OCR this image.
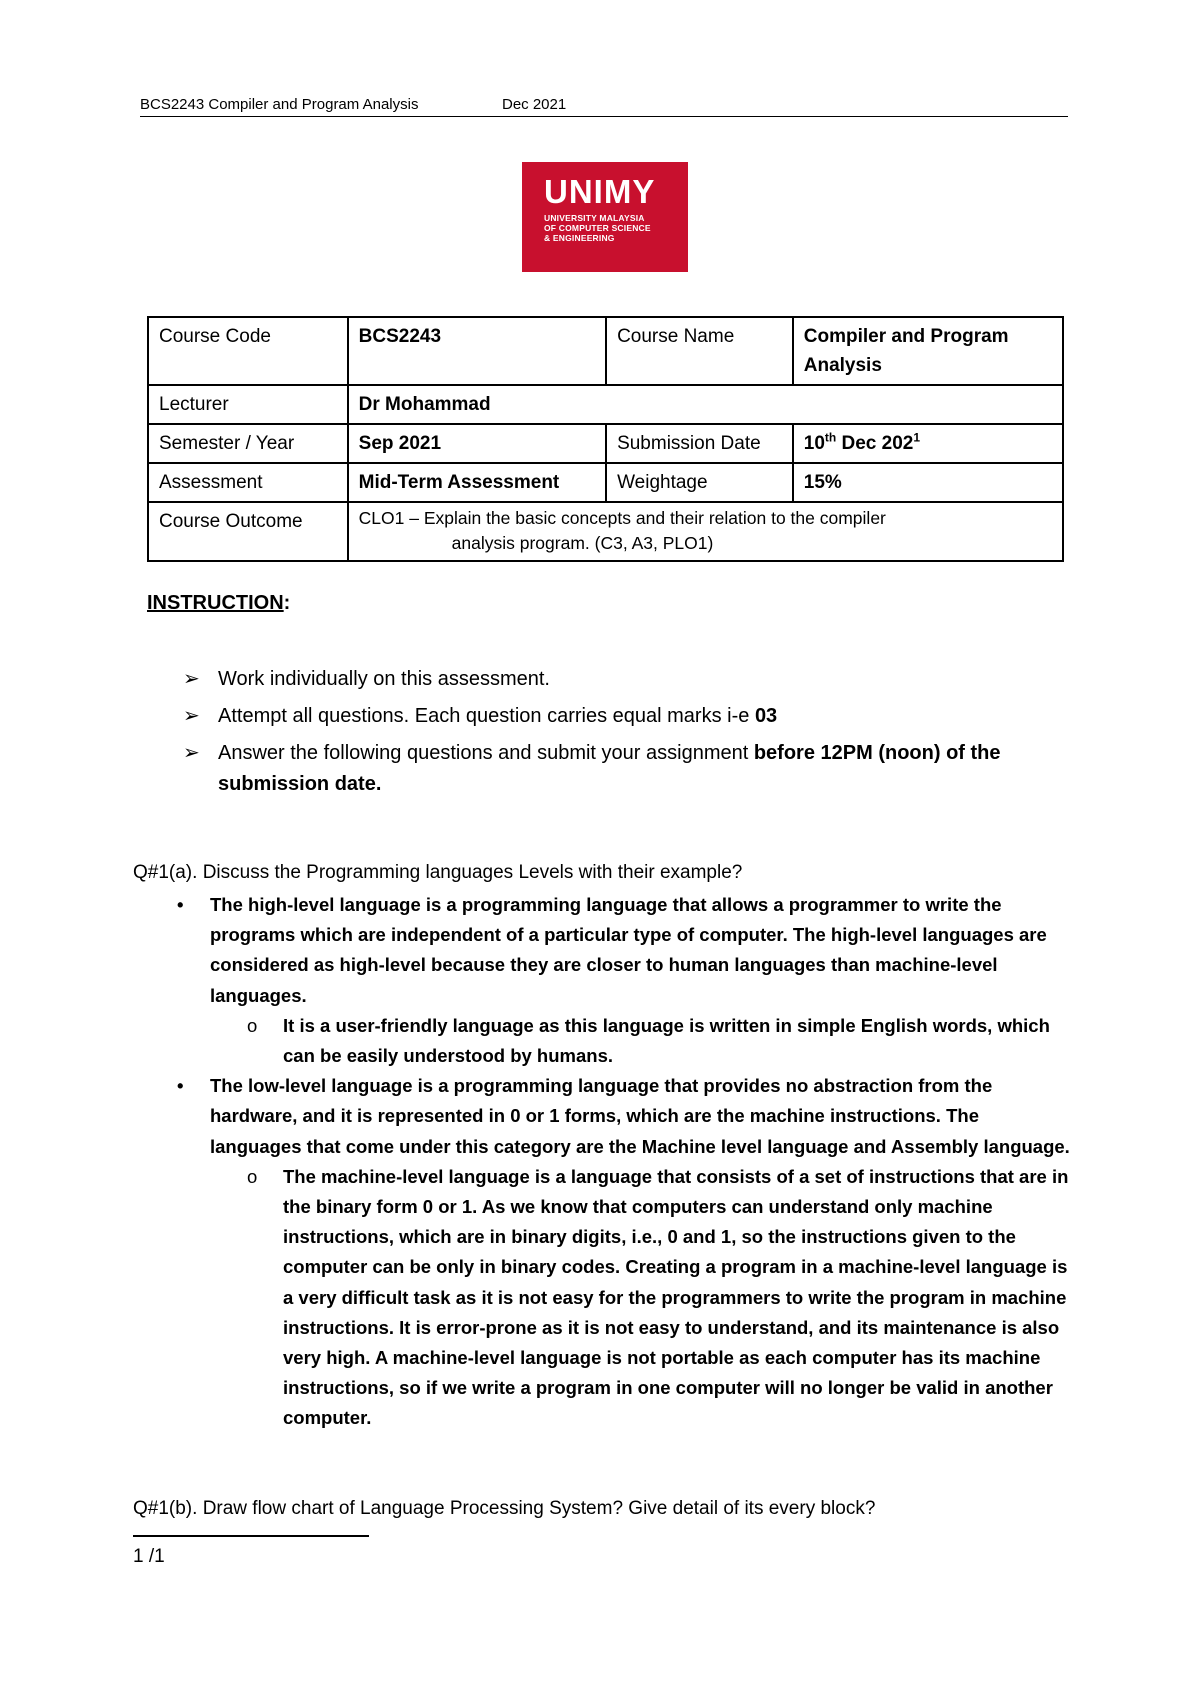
BCS2243 Compiler and Program Analysis	Dec 2021
UNIMY
UNIVERSITY MALAYSIA
OF COMPUTER SCIENCE
& ENGINEERING
Course Code	BCS2243	Course Name	Compiler and Program Analysis
Lecturer	Dr Mohammad		
Semester / Year	Sep 2021	Submission Date	10th Dec $202^1$
Assessment	Mid-Term Assessment	Weightage	15%
Course Outcome	CLO1 – Explain the basic concepts and their relation to the compiler
analysis program. (C3, A3, PLO1)		
INSTRUCTION:
➢ Work individually on this assessment.
➢ Attempt all questions. Each question carries equal marks i-e 03
➢ Answer the following questions and submit your assignment before 12PM (noon) of the submission date.
Q#1(a). Discuss the Programming languages Levels with their example?
• The high-level language is a programming language that allows a programmer to write the programs which are independent of a particular type of computer. The high-level languages are considered as high-level because they are closer to human languages than machine-level languages.
o It is a user-friendly language as this language is written in simple English words, which can be easily understood by humans.
• The low-level language is a programming language that provides no abstraction from the hardware, and it is represented in 0 or 1 forms, which are the machine instructions. The languages that come under this category are the Machine level language and Assembly language.
o The machine-level language is a language that consists of a set of instructions that are in the binary form 0 or 1. As we know that computers can understand only machine instructions, which are in binary digits, i.e., 0 and 1, so the instructions given to the computer can be only in binary codes. Creating a program in a machine-level language is a very difficult task as it is not easy for the programmers to write the program in machine instructions. It is error-prone as it is not easy to understand, and its maintenance is also very high. A machine-level language is not portable as each computer has its machine instructions, so if we write a program in one computer will no longer be valid in another computer.
Q#1(b). Draw flow chart of Language Processing System? Give detail of its every block?
1 /1
